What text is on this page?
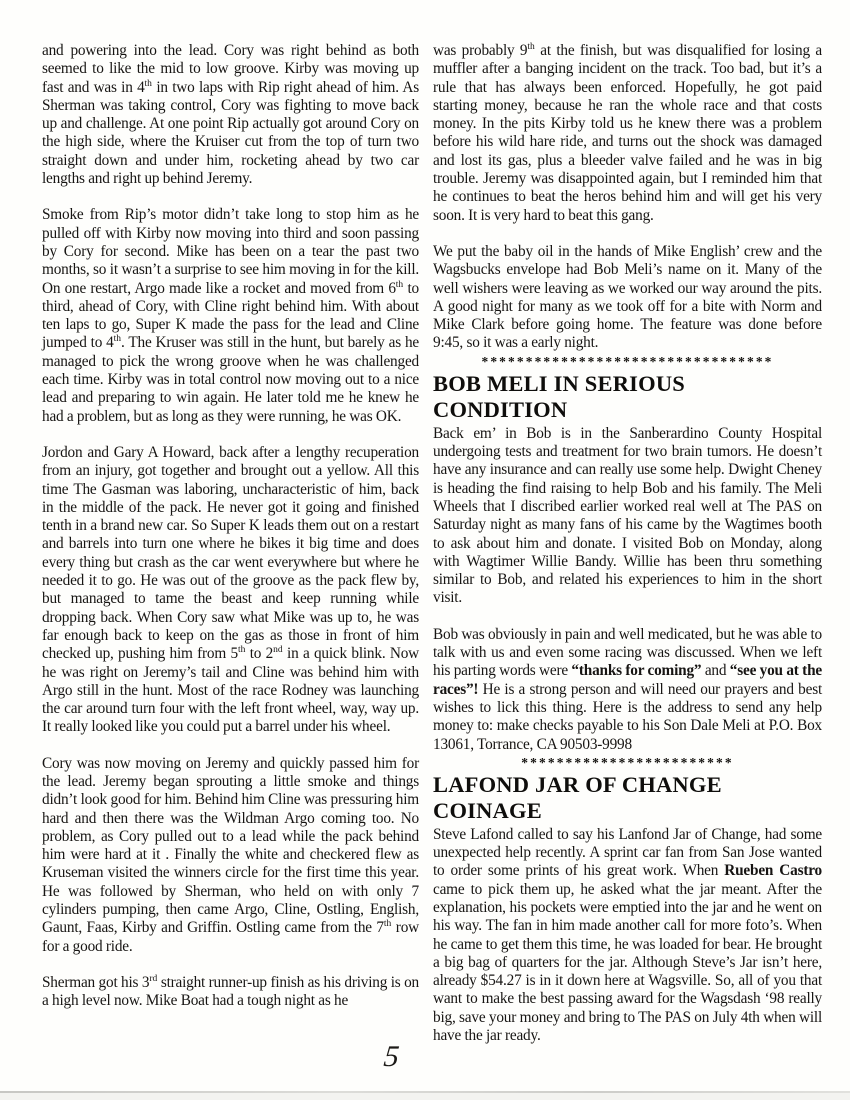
and powering into the lead. Cory was right behind as both seemed to like the mid to low groove. Kirby was moving up fast and was in 4th in two laps with Rip right ahead of him. As Sherman was taking control, Cory was fighting to move back up and challenge. At one point Rip actually got around Cory on the high side, where the Kruiser cut from the top of turn two straight down and under him, rocketing ahead by two car lengths and right up behind Jeremy.

Smoke from Rip’s motor didn’t take long to stop him as he pulled off with Kirby now moving into third and soon passing by Cory for second. Mike has been on a tear the past two months, so it wasn’t a surprise to see him moving in for the kill. On one restart, Argo made like a rocket and moved from 6th to third, ahead of Cory, with Cline right behind him. With about ten laps to go, Super K made the pass for the lead and Cline jumped to 4th. The Kruser was still in the hunt, but barely as he managed to pick the wrong groove when he was challenged each time. Kirby was in total control now moving out to a nice lead and preparing to win again. He later told me he knew he had a problem, but as long as they were running, he was OK.

Jordon and Gary A Howard, back after a lengthy recuperation from an injury, got together and brought out a yellow. All this time The Gasman was laboring, uncharacteristic of him, back in the middle of the pack. He never got it going and finished tenth in a brand new car. So Super K leads them out on a restart and barrels into turn one where he bikes it big time and does every thing but crash as the car went everywhere but where he needed it to go. He was out of the groove as the pack flew by, but managed to tame the beast and keep running while dropping back. When Cory saw what Mike was up to, he was far enough back to keep on the gas as those in front of him checked up, pushing him from 5th to 2nd in a quick blink. Now he was right on Jeremy’s tail and Cline was behind him with Argo still in the hunt. Most of the race Rodney was launching the car around turn four with the left front wheel, way, way up. It really looked like you could put a barrel under his wheel.

Cory was now moving on Jeremy and quickly passed him for the lead. Jeremy began sprouting a little smoke and things didn’t look good for him. Behind him Cline was pressuring him hard and then there was the Wildman Argo coming too. No problem, as Cory pulled out to a lead while the pack behind him were hard at it . Finally the white and checkered flew as Kruseman visited the winners circle for the first time this year. He was followed by Sherman, who held on with only 7 cylinders pumping, then came Argo, Cline, Ostling, English, Gaunt, Faas, Kirby and Griffin. Ostling came from the 7th row for a good ride.

Sherman got his 3rd straight runner-up finish as his driving is on a high level now. Mike Boat had a tough night as he

was probably 9th at the finish, but was disqualified for losing a muffler after a banging incident on the track. Too bad, but it’s a rule that has always been enforced. Hopefully, he got paid starting money, because he ran the whole race and that costs money. In the pits Kirby told us he knew there was a problem before his wild hare ride, and turns out the shock was damaged and lost its gas, plus a bleeder valve failed and he was in big trouble. Jeremy was disappointed again, but I reminded him that he continues to beat the heros behind him and will get his very soon. It is very hard to beat this gang.

We put the baby oil in the hands of Mike English’ crew and the Wagsbucks envelope had Bob Meli’s name on it. Many of the well wishers were leaving as we worked our way around the pits. A good night for many as we took off for a bite with Norm and Mike Clark before going home. The feature was done before 9:45, so it was a early night.

*********************************
BOB MELI IN SERIOUS CONDITION

Back em’ in Bob is in the Sanberardino County Hospital undergoing tests and treatment for two brain tumors. He doesn’t have any insurance and can really use some help. Dwight Cheney is heading the find raising to help Bob and his family. The Meli Wheels that I discribed earlier worked real well at The PAS on Saturday night as many fans of his came by the Wagtimes booth to ask about him and donate. I visited Bob on Monday, along with Wagtimer Willie Bandy. Willie has been thru something similar to Bob, and related his experiences to him in the short visit.

Bob was obviously in pain and well medicated, but he was able to talk with us and even some racing was discussed. When we left his parting words were “thanks for coming” and “see you at the races”! He is a strong person and will need our prayers and best wishes to lick this thing. Here is the address to send any help money to: make checks payable to his Son Dale Meli at P.O. Box 13061, Torrance, CA 90503-9998

************************
LAFOND JAR OF CHANGE  COINAGE

Steve Lafond called to say his Lanfond Jar of Change, had some unexpected help recently. A sprint car fan from San Jose wanted to order some prints of his great work. When Rueben Castro came to pick them up, he asked what the jar meant. After the explanation, his pockets were emptied into the jar and he went on his way. The fan in him made another call for more foto’s. When he came to get them this time, he was loaded for bear. He brought a big bag of quarters for the jar. Although Steve’s Jar isn’t here, already $54.27 is in it down here at Wagsville. So, all of you that want to make the best passing award for the Wagsdash ‘98 really big, save your money and bring to The PAS on July 4th when will have the jar ready.

5
